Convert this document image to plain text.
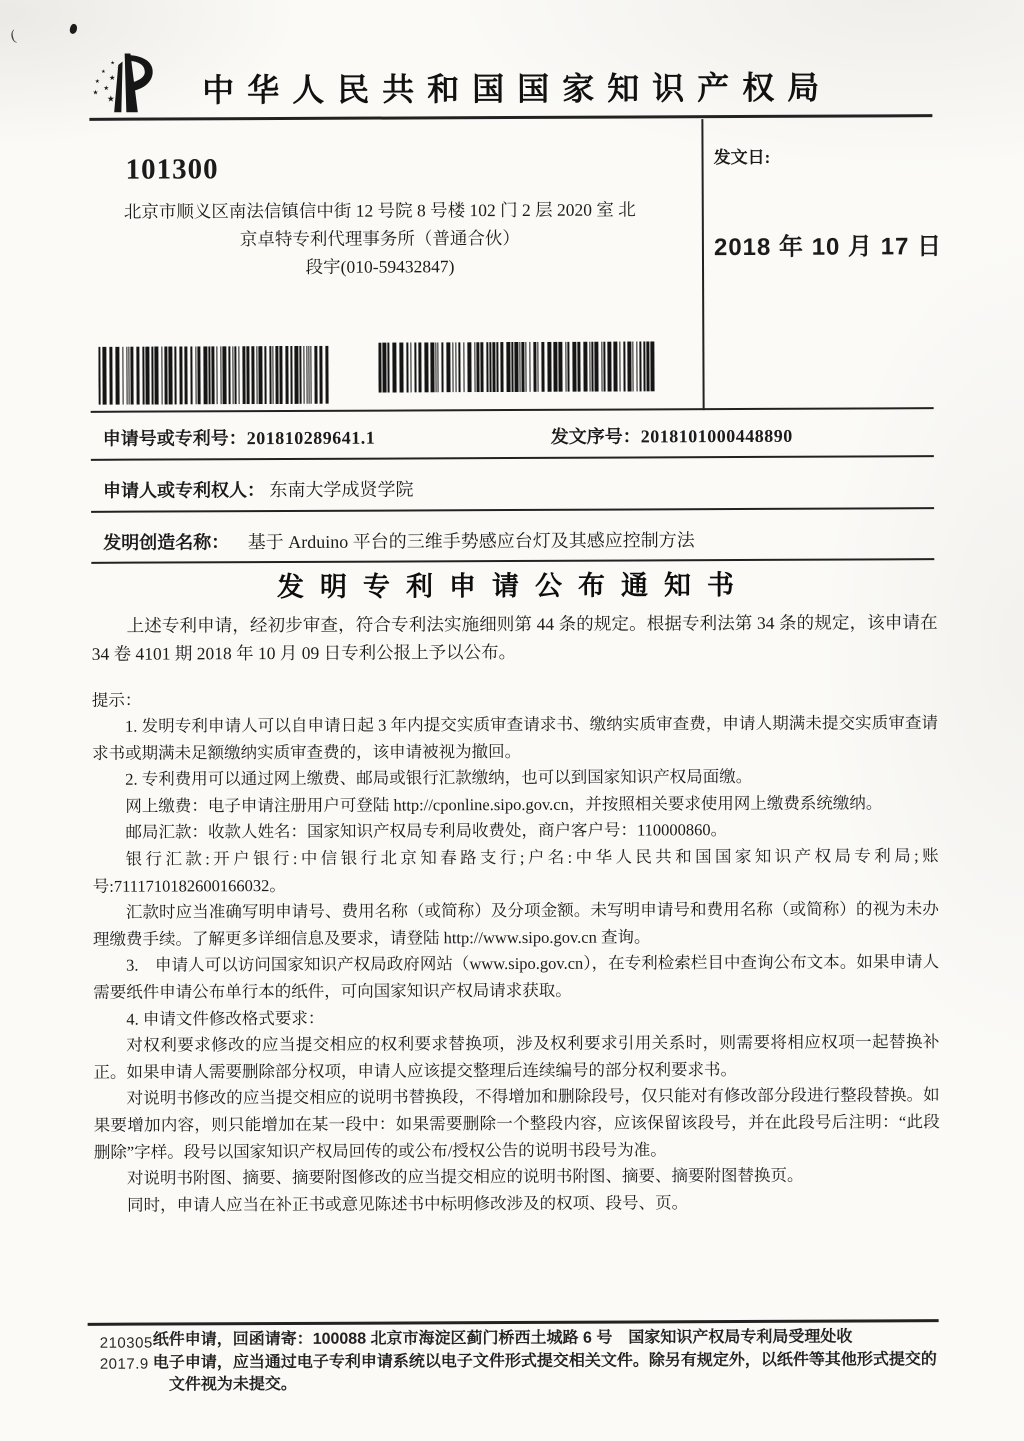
(
★
★
★
★
★
★
★
★	中华人民共和国国家知识产权局
101300
北京市顺义区南法信镇信中街 12 号院 8 号楼 102 门 2 层 2020 室 北
京卓特专利代理事务所（普通合伙）
段宇(010-59432847)
发文日:
2018 年 10 月 17 日
申请号或专利号：201810289641.1	发文序号：2018101000448890
申请人或专利权人： 东南大学成贤学院
发明创造名称： 基于 Arduino 平台的三维手势感应台灯及其感应控制方法
发明专利申请公布通知书

上述专利申请，经初步审查，符合专利法实施细则第 44 条的规定。根据专利法第 34 条的规定，该申请在 34 卷 4101 期 2018 年 10 月 09 日专利公报上予以公布。

提示：

1. 发明专利申请人可以自申请日起 3 年内提交实质审查请求书、缴纳实质审查费，申请人期满未提交实质审查请求书或期满未足额缴纳实质审查费的，该申请被视为撤回。

2. 专利费用可以通过网上缴费、邮局或银行汇款缴纳，也可以到国家知识产权局面缴。

网上缴费：电子申请注册用户可登陆 http://cponline.sipo.gov.cn，并按照相关要求使用网上缴费系统缴纳。

邮局汇款：收款人姓名：国家知识产权局专利局收费处，商户客户号：110000860。

银行汇款:开户银行:中信银行北京知春路支行;户名:中华人民共和国国家知识产权局专利局;账号:7111710182600166032。

汇款时应当准确写明申请号、费用名称（或简称）及分项金额。未写明申请号和费用名称（或简称）的视为未办理缴费手续。了解更多详细信息及要求，请登陆 http://www.sipo.gov.cn 查询。

3.　申请人可以访问国家知识产权局政府网站（www.sipo.gov.cn），在专利检索栏目中查询公布文本。如果申请人需要纸件申请公布单行本的纸件，可向国家知识产权局请求获取。

4. 申请文件修改格式要求：

对权利要求修改的应当提交相应的权利要求替换项，涉及权利要求引用关系时，则需要将相应权项一起替换补正。如果申请人需要删除部分权项，申请人应该提交整理后连续编号的部分权利要求书。

对说明书修改的应当提交相应的说明书替换段，不得增加和删除段号，仅只能对有修改部分段进行整段替换。如果要增加内容，则只能增加在某一段中：如果需要删除一个整段内容，应该保留该段号，并在此段号后注明：“此段删除”字样。段号以国家知识产权局回传的或公布/授权公告的说明书段号为准。

对说明书附图、摘要、摘要附图修改的应当提交相应的说明书附图、摘要、摘要附图替换页。

同时，申请人应当在补正书或意见陈述书中标明修改涉及的权项、段号、页。

210305
2017.9
纸件申请，回函请寄：100088 北京市海淀区蓟门桥西土城路 6 号　国家知识产权局专利局受理处收
电子申请，应当通过电子专利申请系统以电子文件形式提交相关文件。除另有规定外，以纸件等其他形式提交的
文件视为未提交。
